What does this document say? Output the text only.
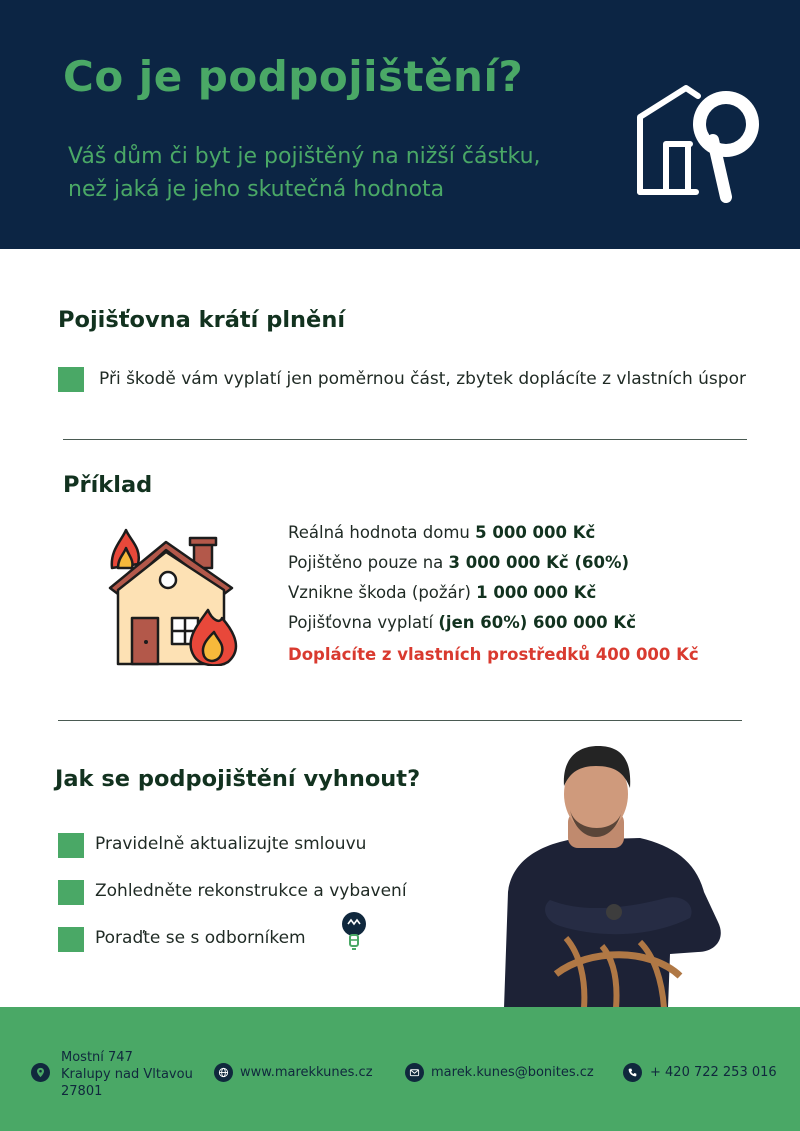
Co je podpojištění?
Váš dům či byt je pojištěný na nižší částku,
než jaká je jeho skutečná hodnota
Pojišťovna krátí plnění
Při škodě vám vyplatí jen poměrnou část, zbytek doplácíte z vlastních úspor
Příklad
Reálná hodnota domu 5 000 000 Kč
Pojištěno pouze na 3 000 000 Kč (60%)
Vznikne škoda (požár) 1 000 000 Kč
Pojišťovna vyplatí (jen 60%) 600 000 Kč
Doplácíte z vlastních prostředků 400 000 Kč
Jak se podpojištění vyhnout?
Pravidelně aktualizujte smlouvu
Zohledněte rekonstrukce a vybavení
Poraďte se s odborníkem
Mostní 747
Kralupy nad Vltavou
27801
www.marekkunes.cz	marek.kunes@bonites.cz	+ 420 722 253 016
